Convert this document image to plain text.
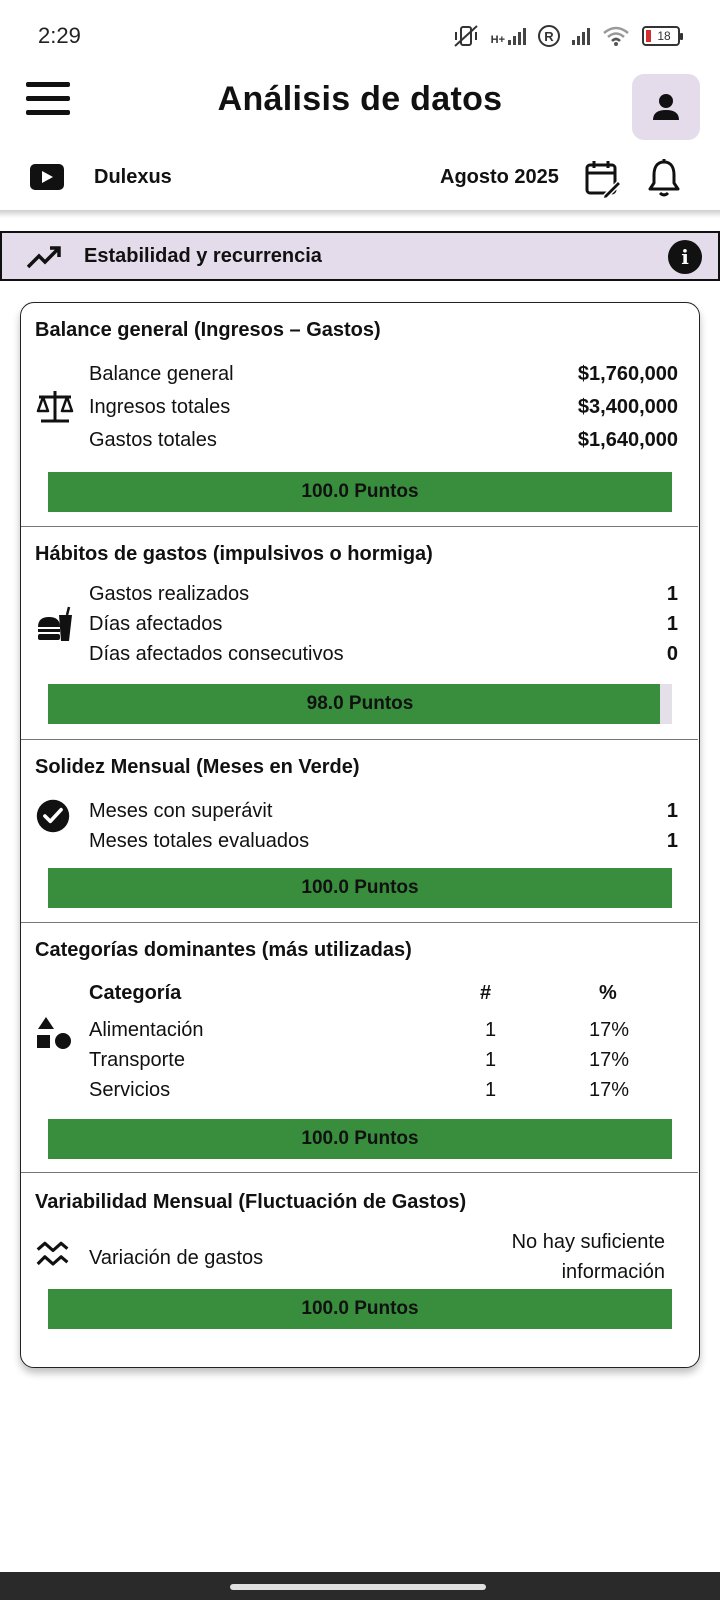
2:29	H+	R	18
Análisis de datos
Dulexus	Agosto 2025
Estabilidad y recurrencia	i
Balance general (Ingresos – Gastos)
Balance general	$1,760,000
Ingresos totales	$3,400,000
Gastos totales	$1,640,000
100.0 Puntos
Hábitos de gastos (impulsivos o hormiga)
Gastos realizados	1
Días afectados	1
Días afectados consecutivos	0
98.0 Puntos
Solidez Mensual (Meses en Verde)
Meses con superávit	1
Meses totales evaluados	1
100.0 Puntos
Categorías dominantes (más utilizadas)
Categoría	#	%
Alimentación	1	17%
Transporte	1	17%
Servicios	1	17%
100.0 Puntos
Variabilidad Mensual (Fluctuación de Gastos)
Variación de gastos
No hay suficiente
información
100.0 Puntos
